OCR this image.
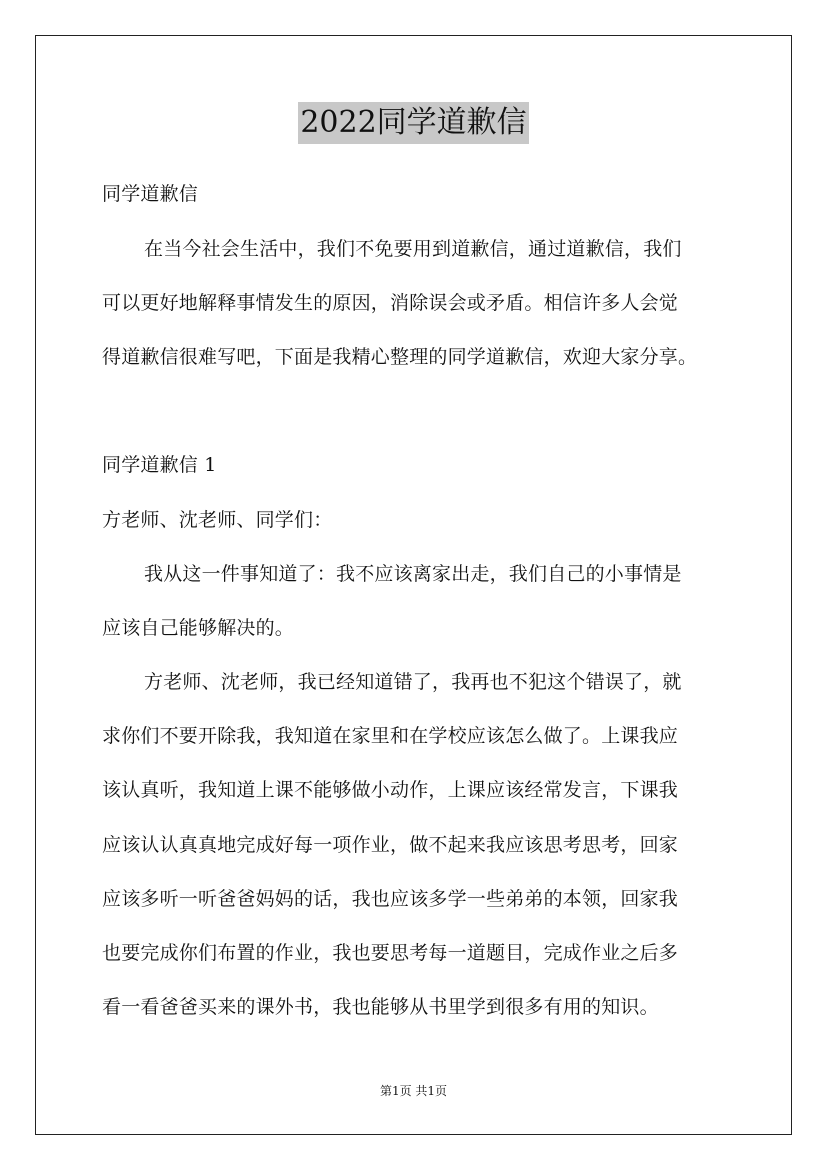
2022同学道歉信
同学道歉信
在当今社会生活中，我们不免要用到道歉信，通过道歉信，我们
可以更好地解释事情发生的原因，消除误会或矛盾。相信许多人会觉
得道歉信很难写吧，下面是我精心整理的同学道歉信，欢迎大家分享。
同学道歉信 1
方老师、沈老师、同学们：
我从这一件事知道了：我不应该离家出走，我们自己的小事情是
应该自己能够解决的。
方老师、沈老师，我已经知道错了，我再也不犯这个错误了，就
求你们不要开除我，我知道在家里和在学校应该怎么做了。上课我应
该认真听，我知道上课不能够做小动作，上课应该经常发言，下课我
应该认认真真地完成好每一项作业，做不起来我应该思考思考，回家
应该多听一听爸爸妈妈的话，我也应该多学一些弟弟的本领，回家我
也要完成你们布置的作业，我也要思考每一道题目，完成作业之后多
看一看爸爸买来的课外书，我也能够从书里学到很多有用的知识。
第1页 共1页
